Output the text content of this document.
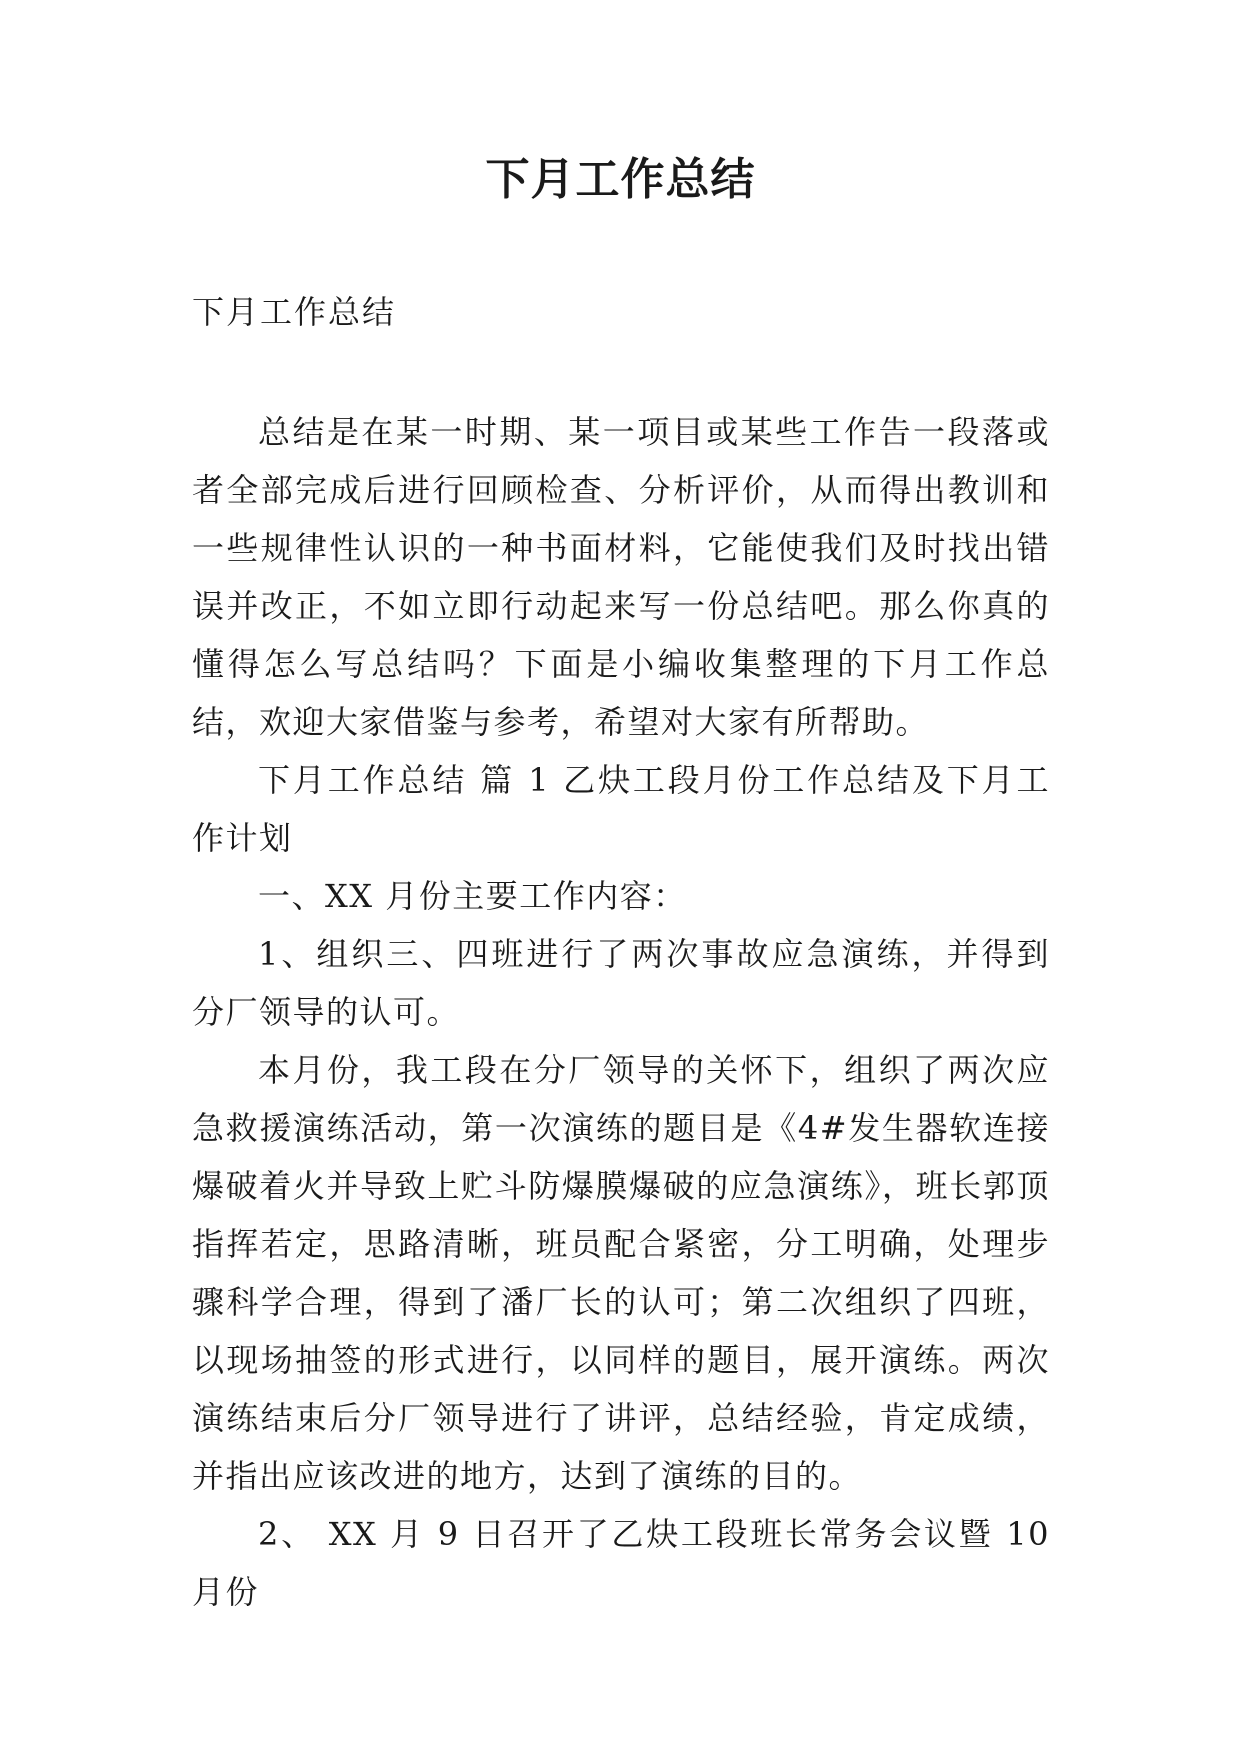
下月工作总结

下月工作总结

总结是在某一时期、某一项目或某些工作告一段落或者全部完成后进行回顾检查、分析评价，从而得出教训和一些规律性认识的一种书面材料，它能使我们及时找出错误并改正，不如立即行动起来写一份总结吧。那么你真的懂得怎么写总结吗？下面是小编收集整理的下月工作总结，欢迎大家借鉴与参考，希望对大家有所帮助。

下月工作总结 篇 1 乙炔工段月份工作总结及下月工作计划

一、XX 月份主要工作内容：

1、组织三、四班进行了两次事故应急演练，并得到分厂领导的认可。

本月份，我工段在分厂领导的关怀下，组织了两次应急救援演练活动，第一次演练的题目是《4#发生器软连接爆破着火并导致上贮斗防爆膜爆破的应急演练》，班长郭顶指挥若定，思路清晰，班员配合紧密，分工明确，处理步骤科学合理，得到了潘厂长的认可；第二次组织了四班，以现场抽签的形式进行，以同样的题目，展开演练。两次演练结束后分厂领导进行了讲评，总结经验，肯定成绩，并指出应该改进的地方，达到了演练的目的。

2、 XX 月 9 日召开了乙炔工段班长常务会议暨 10 月份
